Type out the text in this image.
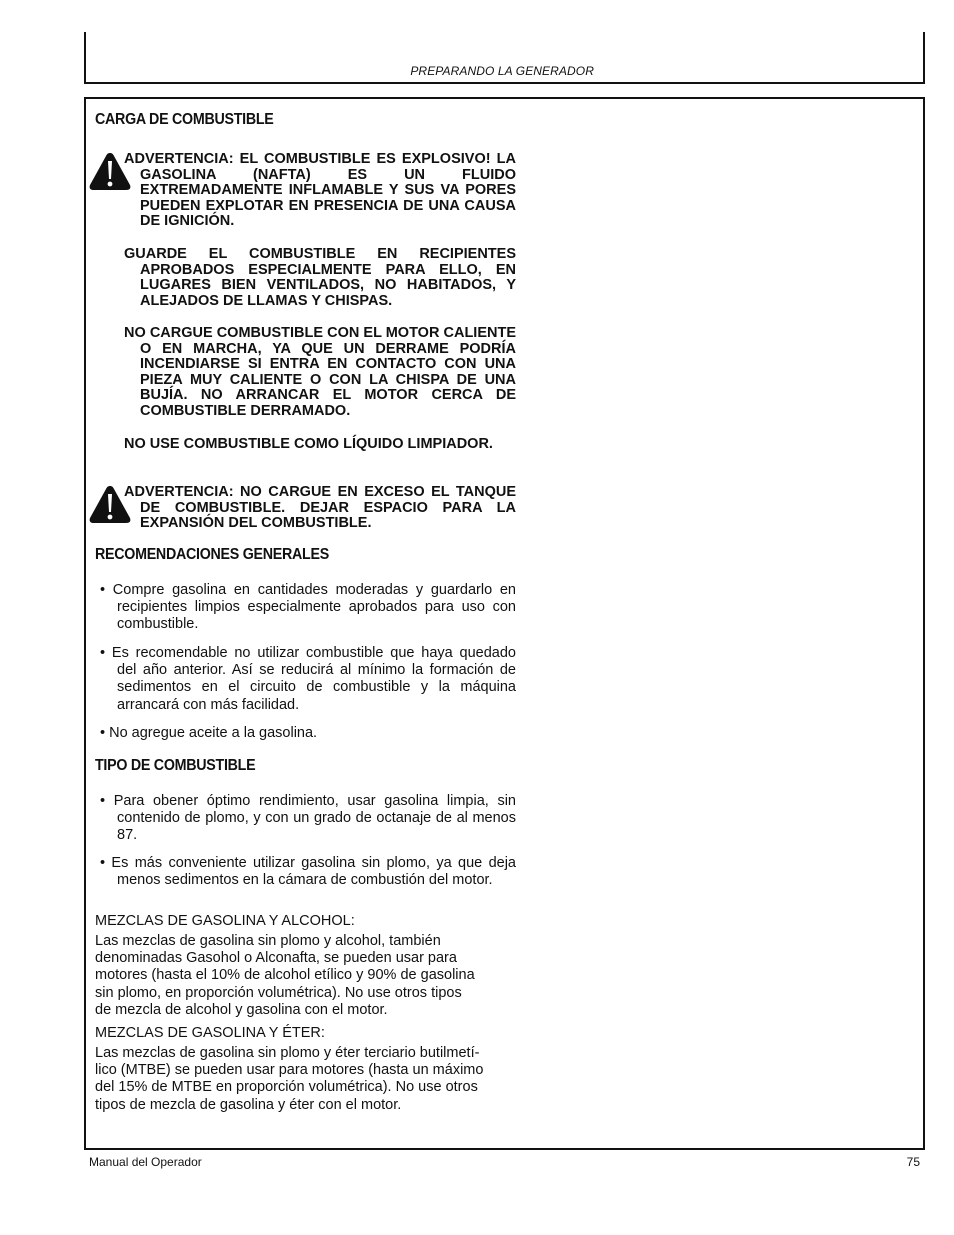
PREPARANDO LA GENERADOR
CARGA DE COMBUSTIBLE
ADVERTENCIA: EL COMBUSTIBLE ES EXPLOSIVO! LA GASOLINA (NAFTA) ES UN FLUIDO EXTREMADAMENTE INFLAMABLE Y SUS VA PORES PUEDEN EXPLOTAR EN PRESENCIA DE UNA CAUSA DE IGNICIÓN.
GUARDE EL COMBUSTIBLE EN RECIPIENTES APROBADOS ESPECIALMENTE PARA ELLO, EN LUGARES BIEN VENTILADOS, NO HABITADOS, Y ALEJADOS DE LLAMAS Y CHISPAS.
NO CARGUE COMBUSTIBLE CON EL MOTOR CALIENTE O EN MARCHA, YA QUE UN DERRAME PODRÍA INCENDIARSE SI ENTRA EN CONTACTO CON UNA PIEZA MUY CALIENTE O CON LA CHISPA DE UNA BUJÍA. NO ARRANCAR EL MOTOR CERCA DE COMBUSTIBLE DERRAMADO.
NO USE COMBUSTIBLE COMO LÍQUIDO LIMPIADOR.
ADVERTENCIA: NO CARGUE EN EXCESO EL TANQUE DE COMBUSTIBLE. DEJAR ESPACIO PARA LA EXPANSIÓN DEL COMBUSTIBLE.
RECOMENDACIONES GENERALES
• Compre gasolina en cantidades moderadas y guardarlo en recipientes limpios especialmente aprobados para uso con combustible.
• Es recomendable no utilizar combustible que haya quedado del año anterior. Así se reducirá al mínimo la formación de sedimentos en el circuito de combustible y la máquina arrancará con más facilidad.
• No agregue aceite a la gasolina.
TIPO DE COMBUSTIBLE
• Para obener óptimo rendimiento, usar gasolina limpia, sin contenido de plomo, y con un grado de octanaje de al menos 87.
• Es más conveniente utilizar gasolina sin plomo, ya que deja menos sedimentos en la cámara de combustión del motor.
MEZCLAS DE GASOLINA Y ALCOHOL:
Las mezclas de gasolina sin plomo y alcohol, también
denominadas Gasohol o Alconafta, se pueden usar para
motores (hasta el 10% de alcohol etílico y 90% de gasolina
sin plomo, en proporción volumétrica). No use otros tipos
de mezcla de alcohol y gasolina con el motor.
MEZCLAS DE GASOLINA Y ÉTER:
Las mezclas de gasolina sin plomo y éter terciario butilmetí-
lico (MTBE) se pueden usar para motores (hasta un máximo
del 15% de MTBE en proporción volumétrica). No use otros
tipos de mezcla de gasolina y éter con el motor.
Manual del Operador	75
